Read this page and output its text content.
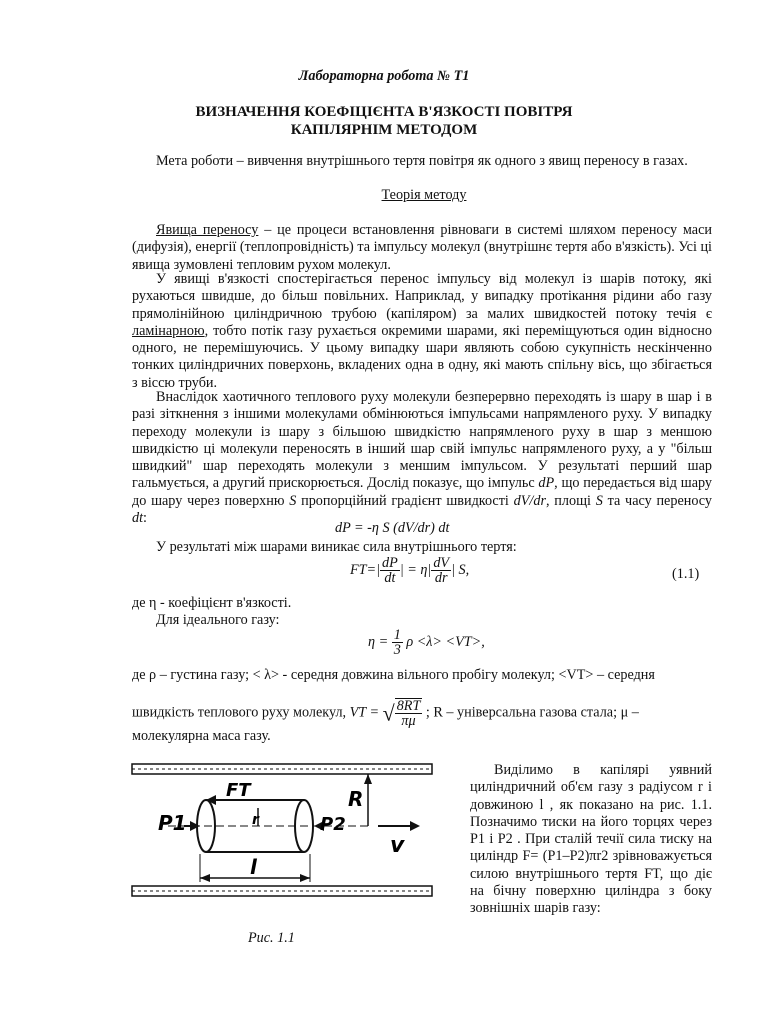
Лабораторна робота № Т1
ВИЗНАЧЕННЯ КОЕФІЦІЄНТА В'ЯЗКОСТІ ПОВІТРЯ
КАПІЛЯРНІМ МЕТОДОМ
Мета роботи – вивчення внутрішнього тертя повітря як одного з явищ переносу в газах.
Теорія методу
Явища переносу – це процеси встановлення рівноваги в системі шляхом переносу маси (дифузія), енергії (теплопровідність) та імпульсу молекул (внутрішнє тертя або в'язкість). Усі ці явища зумовлені тепловим рухом молекул.
У явищі в'язкості спостерігається перенос імпульсу від молекул із шарів потоку, які рухаються швидше, до більш повільних. Наприклад, у випадку протікання рідини або газу прямолінійною циліндричною трубою (капіляром) за малих швидкостей потоку течія є ламінарною, тобто потік газу рухається окремими шарами, які переміщуються один відносно одного, не перемішуючись. У цьому випадку шари являють собою сукупність нескінченно тонких циліндричних поверхонь, вкладених одна в одну, які мають спільну вісь, що збігається з віссю труби.
Внаслідок хаотичного теплового руху молекули безперервно переходять із шару в шар і в разі зіткнення з іншими молекулами обмінюються імпульсами напрямленого руху. У випадку переходу молекули із шару з більшою швидкістю напрямленого руху в шар з меншою швидкістю ці молекули переносять в інший шар свій імпульс напрямленого руху, а у "більш швидкий" шар переходять молекули з меншим імпульсом. У результаті перший шар гальмується, а другий прискорюється. Дослід показує, що імпульс dP, що передається від шару до шару через поверхню S пропорційний градієнт швидкості dV/dr, площі S та часу переносу dt:
dP = -η S (dV/dr) dt
У результаті між шарами виникає сила внутрішнього тертя:
$FT=| \frac{dP}{dt}$ | = $\eta| \frac{dV}{dr}$ | S,	(1.1)
де η - коефіцієнт в'язкості.
Для ідеального газу:
$\eta = \frac{1}{3}$ ρ <λ> <VT>,
де ρ – густина газу; < λ> - середня довжина вільного пробігу молекул; <VT> – середня
швидкість теплового руху молекул, VT = √ $\frac{8RT}{\pi\mu}$ ; R – універсальна газова стала; μ –
молекулярна маса газу.
Виділимо в капілярі уявний циліндричний об'єм газу з радіусом r і довжиною l , як показано на рис. 1.1. Позначимо тиски на його торцях через P1 і P2 . При сталій течії сила тиску на циліндр F= (P1–P2)πr2 зрівноважується силою внутрішнього тертя FT, що діє на бічну поверхню циліндра з боку зовнішніх шарів газу:
P1	P2
FT
r
R
l
v
Рис. 1.1
